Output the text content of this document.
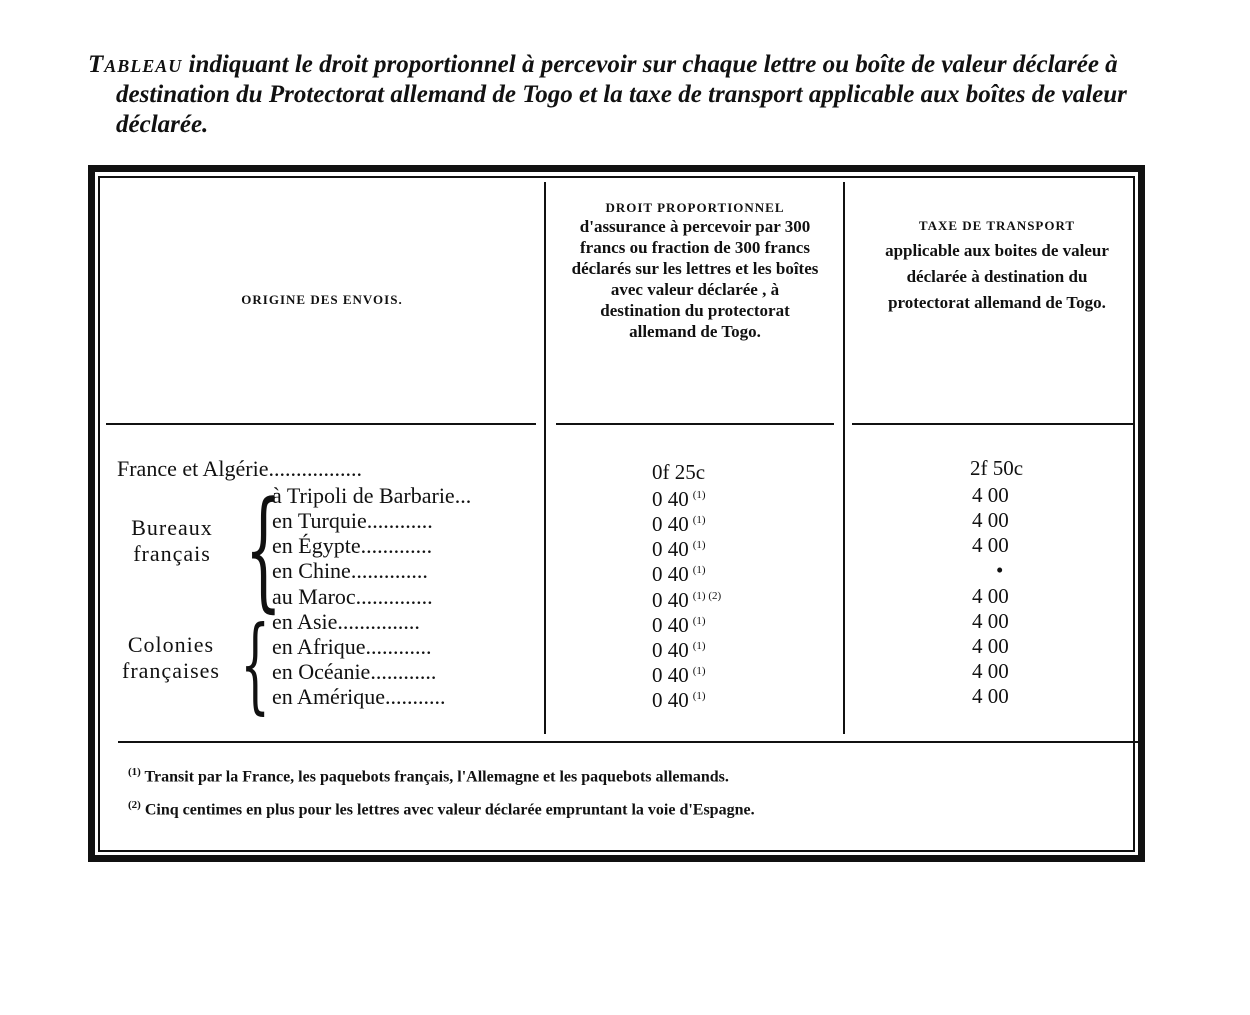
Tableau indiquant le droit proportionnel à percevoir sur chaque lettre ou boîte de valeur déclarée à destination du Protectorat allemand de Togo et la taxe de transport applicable aux boîtes de valeur déclarée.

ORIGINE DES ENVOIS.
DROIT PROPORTIONNEL
d'assurance à percevoir par 300 francs ou fraction de 300 francs déclarés sur les lettres et les boîtes avec valeur déclarée , à destination du protectorat allemand de Togo.
TAXE DE TRANSPORT
applicable aux boites de valeur déclarée à destination du protectorat allemand de Togo.
Bureaux français {
Colonies françaises {
France et Algérie.................	0f 25c	2f 50c
à Tripoli de Barbarie...	0 40 $^{(1)}$	4 00
en Turquie............	0 40 $^{(1)}$	4 00
en Égypte.............	0 40 $^{(1)}$	4 00
en Chine..............	0 40 $^{(1)}$	•
au Maroc..............	0 40 $^{(1) (2)}$	4 00
en Asie...............	0 40 $^{(1)}$	4 00
en Afrique............	0 40 $^{(1)}$	4 00
en Océanie............	0 40 $^{(1)}$	4 00
en Amérique...........	0 40 $^{(1)}$	4 00
$^{(1)}$ Transit par la France, les paquebots français, l'Allemagne et les paquebots allemands.
$^{(2)}$ Cinq centimes en plus pour les lettres avec valeur déclarée empruntant la voie d'Espagne.
